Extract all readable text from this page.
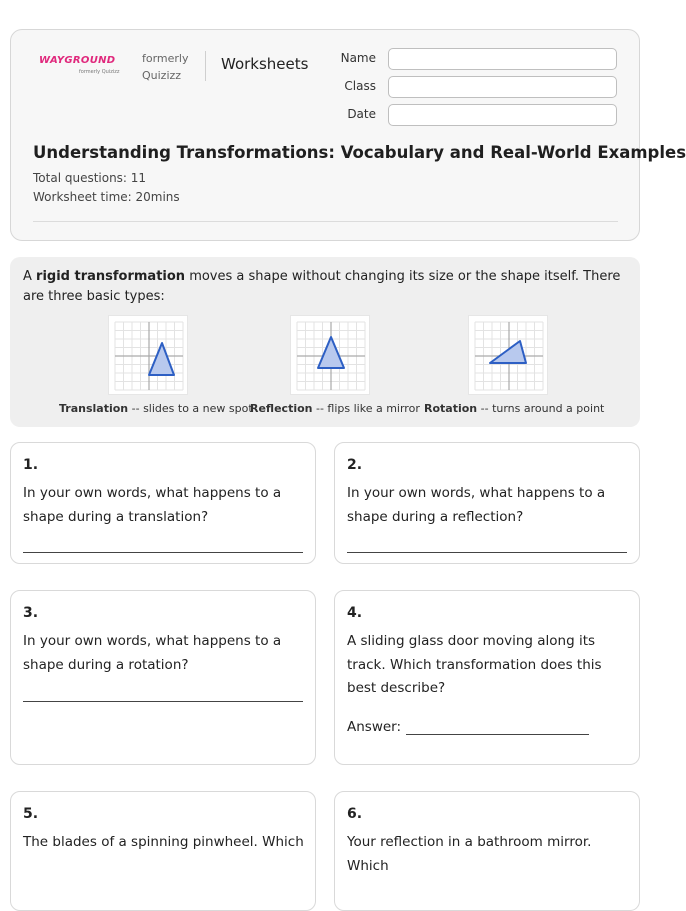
WAYGROUND
formerly Quizizz
formerly Quizizz
Worksheets	Name
Class
Date
Understanding Transformations: Vocabulary and Real-World Examples
Total questions: 11
Worksheet time: 20mins
A rigid transformation moves a shape without changing its size or the shape itself. There are three basic types:
Translation -- slides to a new spot
Reflection -- flips like a mirror Rotation -- turns around a point
1.
In your own words, what happens to a shape during a translation?
2.
In your own words, what happens to a shape during a reflection?
3.
In your own words, what happens to a shape during a rotation?
4.
A sliding glass door moving along its track. Which transformation does this best describe?
Answer:
5.
The blades of a spinning pinwheel. Which
6.
Your reflection in a bathroom mirror. Which
